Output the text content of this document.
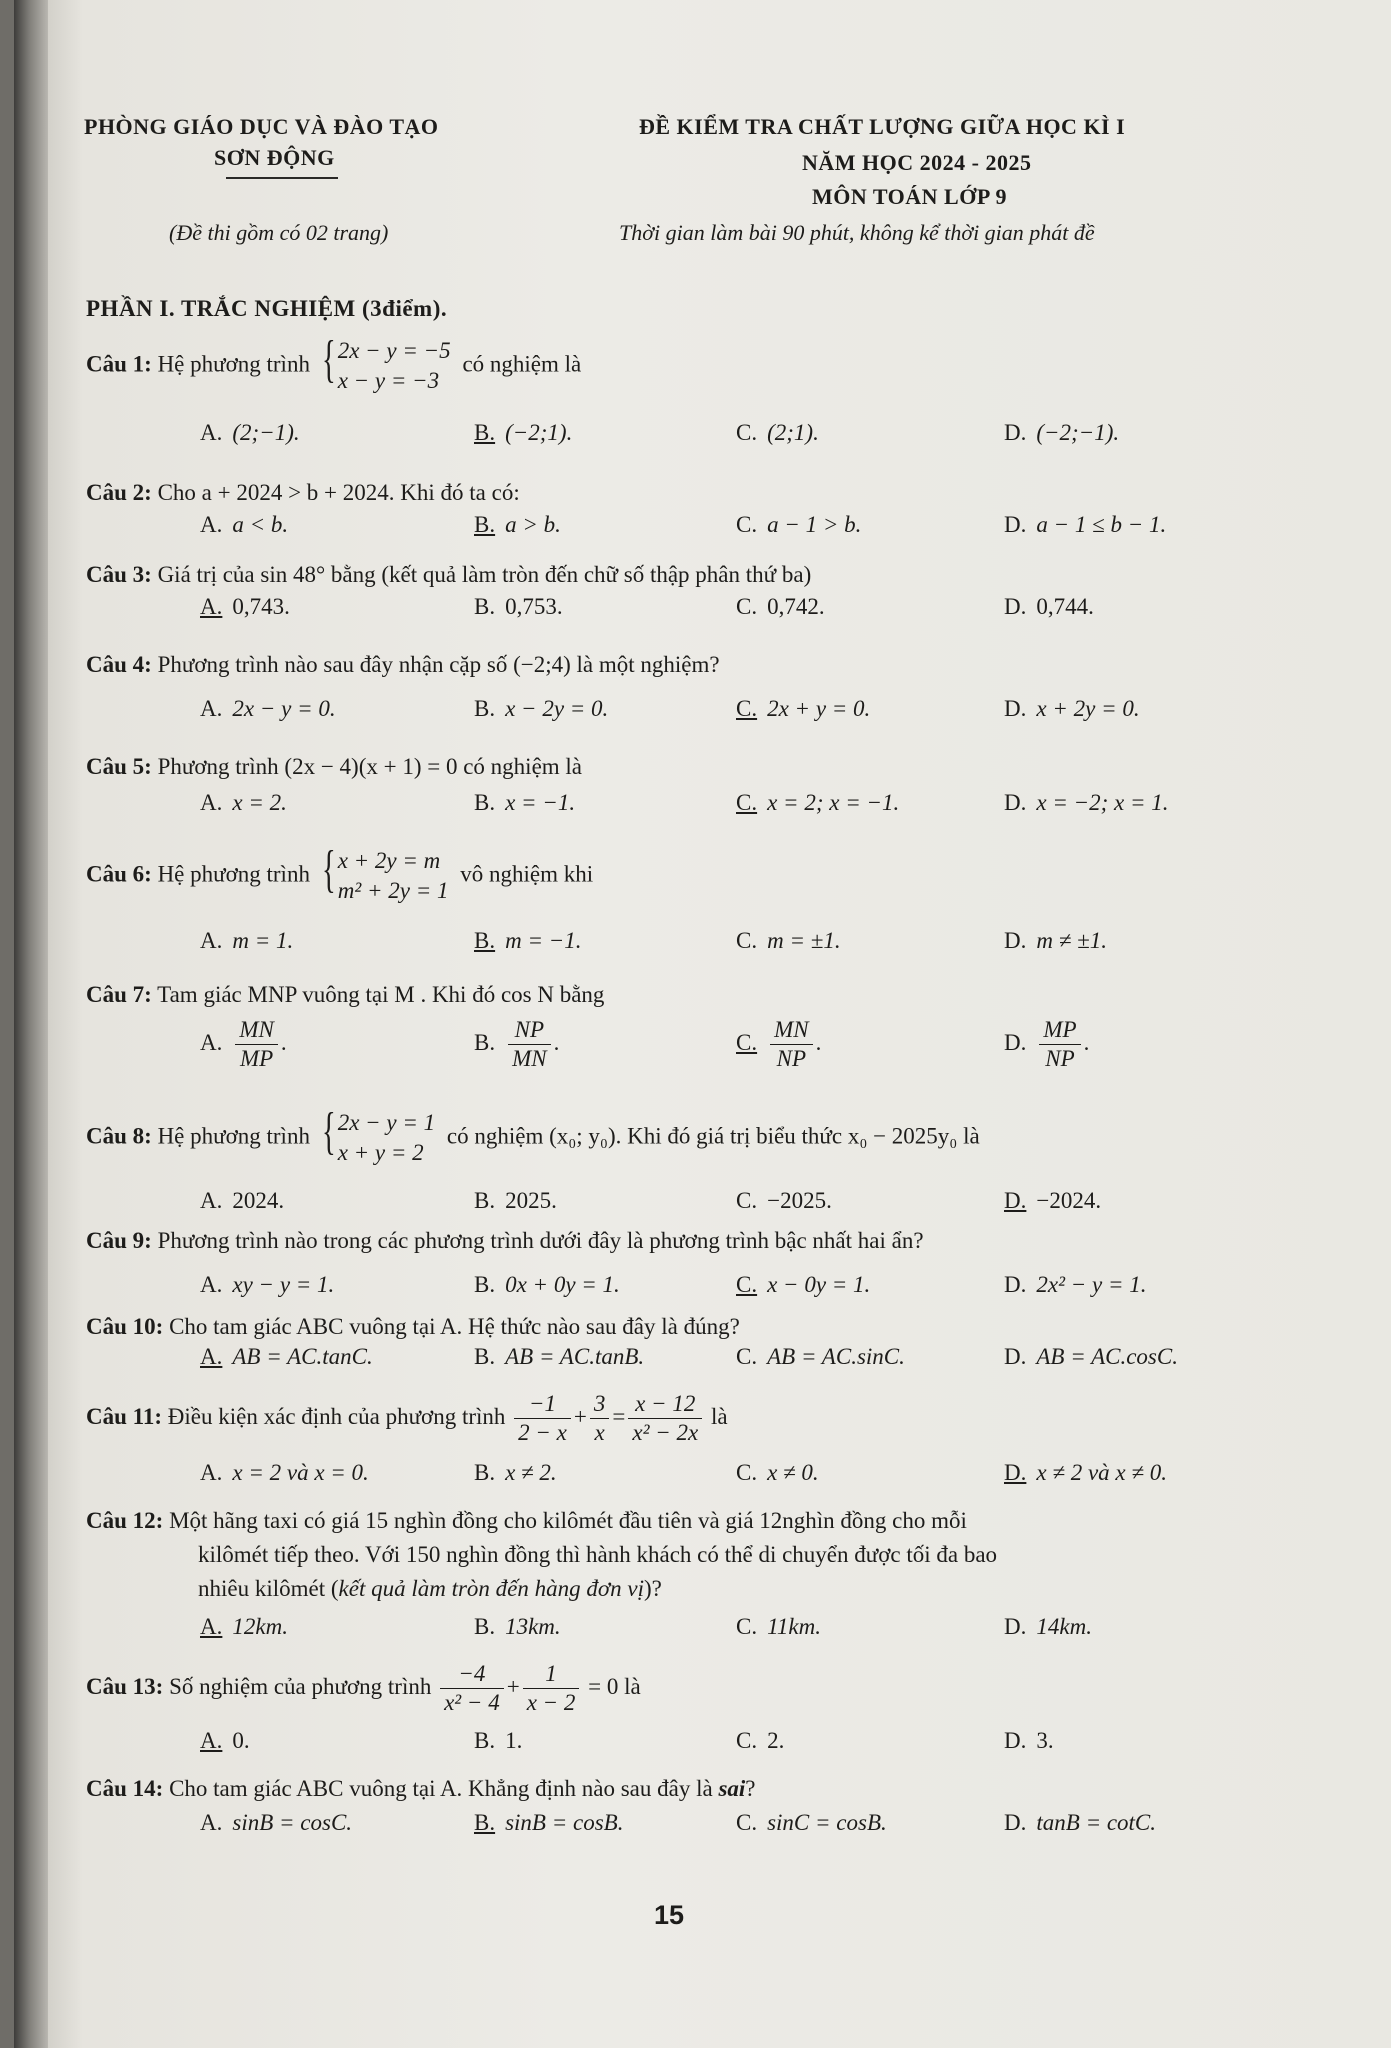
PHÒNG GIÁO DỤC VÀ ĐÀO TẠO
SƠN ĐỘNG
(Đề thi gồm có 02 trang)
ĐỀ KIỂM TRA CHẤT LƯỢNG GIỮA HỌC KÌ I
NĂM HỌC 2024 - 2025
MÔN TOÁN LỚP 9
Thời gian làm bài 90 phút, không kể thời gian phát đề
PHẦN I. TRẮC NGHIỆM (3điểm).
Câu 1: Hệ phương trình { 2x − y = −5
x − y = −3
có nghiệm là
A. (2;−1).	B. (−2;1).	C. (2;1).	D. (−2;−1).
Câu 2: Cho a + 2024 > b + 2024. Khi đó ta có:
A. a < b.	B. a > b.	C. a − 1 > b.	D. a − 1 ≤ b − 1.
Câu 3: Giá trị của sin 48° bằng (kết quả làm tròn đến chữ số thập phân thứ ba)
A. 0,743.	B. 0,753.	C. 0,742.	D. 0,744.
Câu 4: Phương trình nào sau đây nhận cặp số (−2;4) là một nghiệm?
A. 2x − y = 0.	B. x − 2y = 0.	C. 2x + y = 0.	D. x + 2y = 0.
Câu 5: Phương trình (2x − 4)(x + 1) = 0 có nghiệm là
A. x = 2.	B. x = −1.	C. x = 2; x = −1.	D. x = −2; x = 1.
Câu 6: Hệ phương trình { x + 2y = m
m² + 2y = 1
vô nghiệm khi
A. m = 1.	B. m = −1.	C. m = ±1.	D. m ≠ ±1.
Câu 7: Tam giác MNP vuông tại M . Khi đó cos N bằng
A. $\frac{MN}{MP}$ .	B. $\frac{NP}{MN}$ .	C. $\frac{MN}{NP}$ .	D. $\frac{MP}{NP}$ .
Câu 8: Hệ phương trình { 2x − y = 1
x + y = 2
có nghiệm (x₀; y₀). Khi đó giá trị biểu thức x₀ − 2025y₀ là
A. 2024.	B. 2025.	C. −2025.	D. −2024.
Câu 9: Phương trình nào trong các phương trình dưới đây là phương trình bậc nhất hai ẩn?
A. xy − y = 1.	B. 0x + 0y = 1.	C. x − 0y = 1.	D. 2x² − y = 1.
Câu 10: Cho tam giác ABC vuông tại A. Hệ thức nào sau đây là đúng?
A. AB = AC.tanC.	B. AB = AC.tanB.	C. AB = AC.sinC.	D. AB = AC.cosC.
Câu 11: Điều kiện xác định của phương trình $\frac{-1}{2 - x} + \frac{3}{x} = \frac{x - 12}{\text{x² − 2x}}$ là
A. x = 2 và x = 0.	B. x ≠ 2.	C. x ≠ 0.	D. x ≠ 2 và x ≠ 0.
Câu 12: Một hãng taxi có giá 15 nghìn đồng cho kilômét đầu tiên và giá 12nghìn đồng cho mỗi
kilômét tiếp theo. Với 150 nghìn đồng thì hành khách có thể di chuyển được tối đa bao
nhiêu kilômét (kết quả làm tròn đến hàng đơn vị)?
A. 12km.	B. 13km.	C. 11km.	D. 14km.
Câu 13: Số nghiệm của phương trình $\frac{-4}{\text{x² − 4}} + \frac{1}{x - 2} = 0$ là
A. 0.	B. 1.	C. 2.	D. 3.
Câu 14: Cho tam giác ABC vuông tại A. Khẳng định nào sau đây là sai?
A. sinB = cosC.	B. sinB = cosB.	C. sinC = cosB.	D. tanB = cotC.
15
